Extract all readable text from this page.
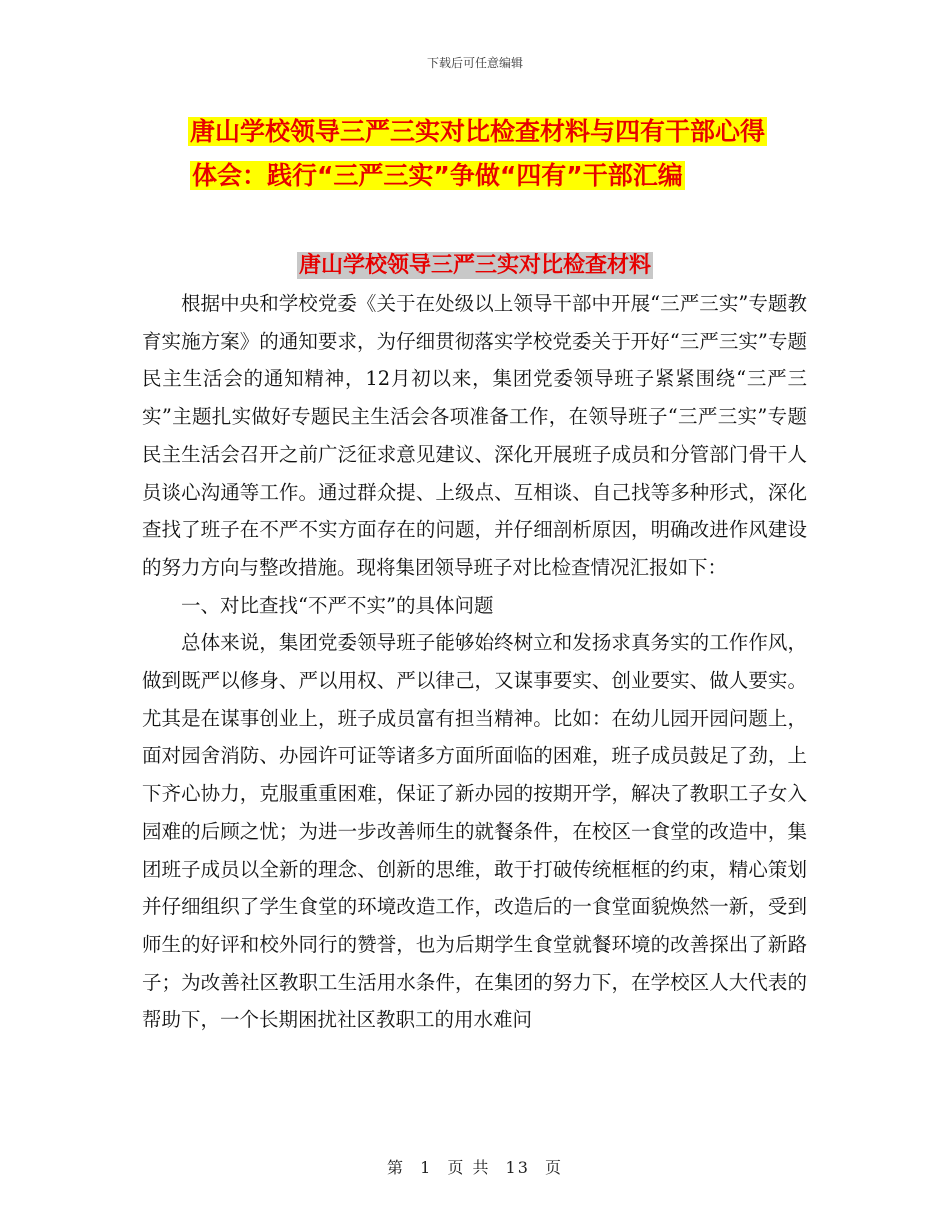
下载后可任意编辑
唐山学校领导三严三实对比检查材料与四有干部心得
体会：践行“三严三实”争做“四有”干部汇编
唐山学校领导三严三实对比检查材料

根据中央和学校党委《关于在处级以上领导干部中开展“三严三实”专题教育实施方案》的通知要求，为仔细贯彻落实学校党委关于开好“三严三实”专题民主生活会的通知精神，12月初以来，集团党委领导班子紧紧围绕“三严三实”主题扎实做好专题民主生活会各项准备工作，在领导班子“三严三实”专题民主生活会召开之前广泛征求意见建议、深化开展班子成员和分管部门骨干人员谈心沟通等工作。通过群众提、上级点、互相谈、自己找等多种形式，深化查找了班子在不严不实方面存在的问题，并仔细剖析原因，明确改进作风建设的努力方向与整改措施。现将集团领导班子对比检查情况汇报如下：

一、对比查找“不严不实”的具体问题

总体来说，集团党委领导班子能够始终树立和发扬求真务实的工作作风，做到既严以修身、严以用权、严以律己，又谋事要实、创业要实、做人要实。尤其是在谋事创业上，班子成员富有担当精神。比如：在幼儿园开园问题上，面对园舍消防、办园许可证等诸多方面所面临的困难，班子成员鼓足了劲，上下齐心协力，克服重重困难，保证了新办园的按期开学，解决了教职工子女入园难的后顾之忧；为进一步改善师生的就餐条件，在校区一食堂的改造中，集团班子成员以全新的理念、创新的思维，敢于打破传统框框的约束，精心策划并仔细组织了学生食堂的环境改造工作，改造后的一食堂面貌焕然一新，受到师生的好评和校外同行的赞誉，也为后期学生食堂就餐环境的改善探出了新路子；为改善社区教职工生活用水条件，在集团的努力下，在学校区人大代表的帮助下，一个长期困扰社区教职工的用水难问

第 1 页 共 13 页
